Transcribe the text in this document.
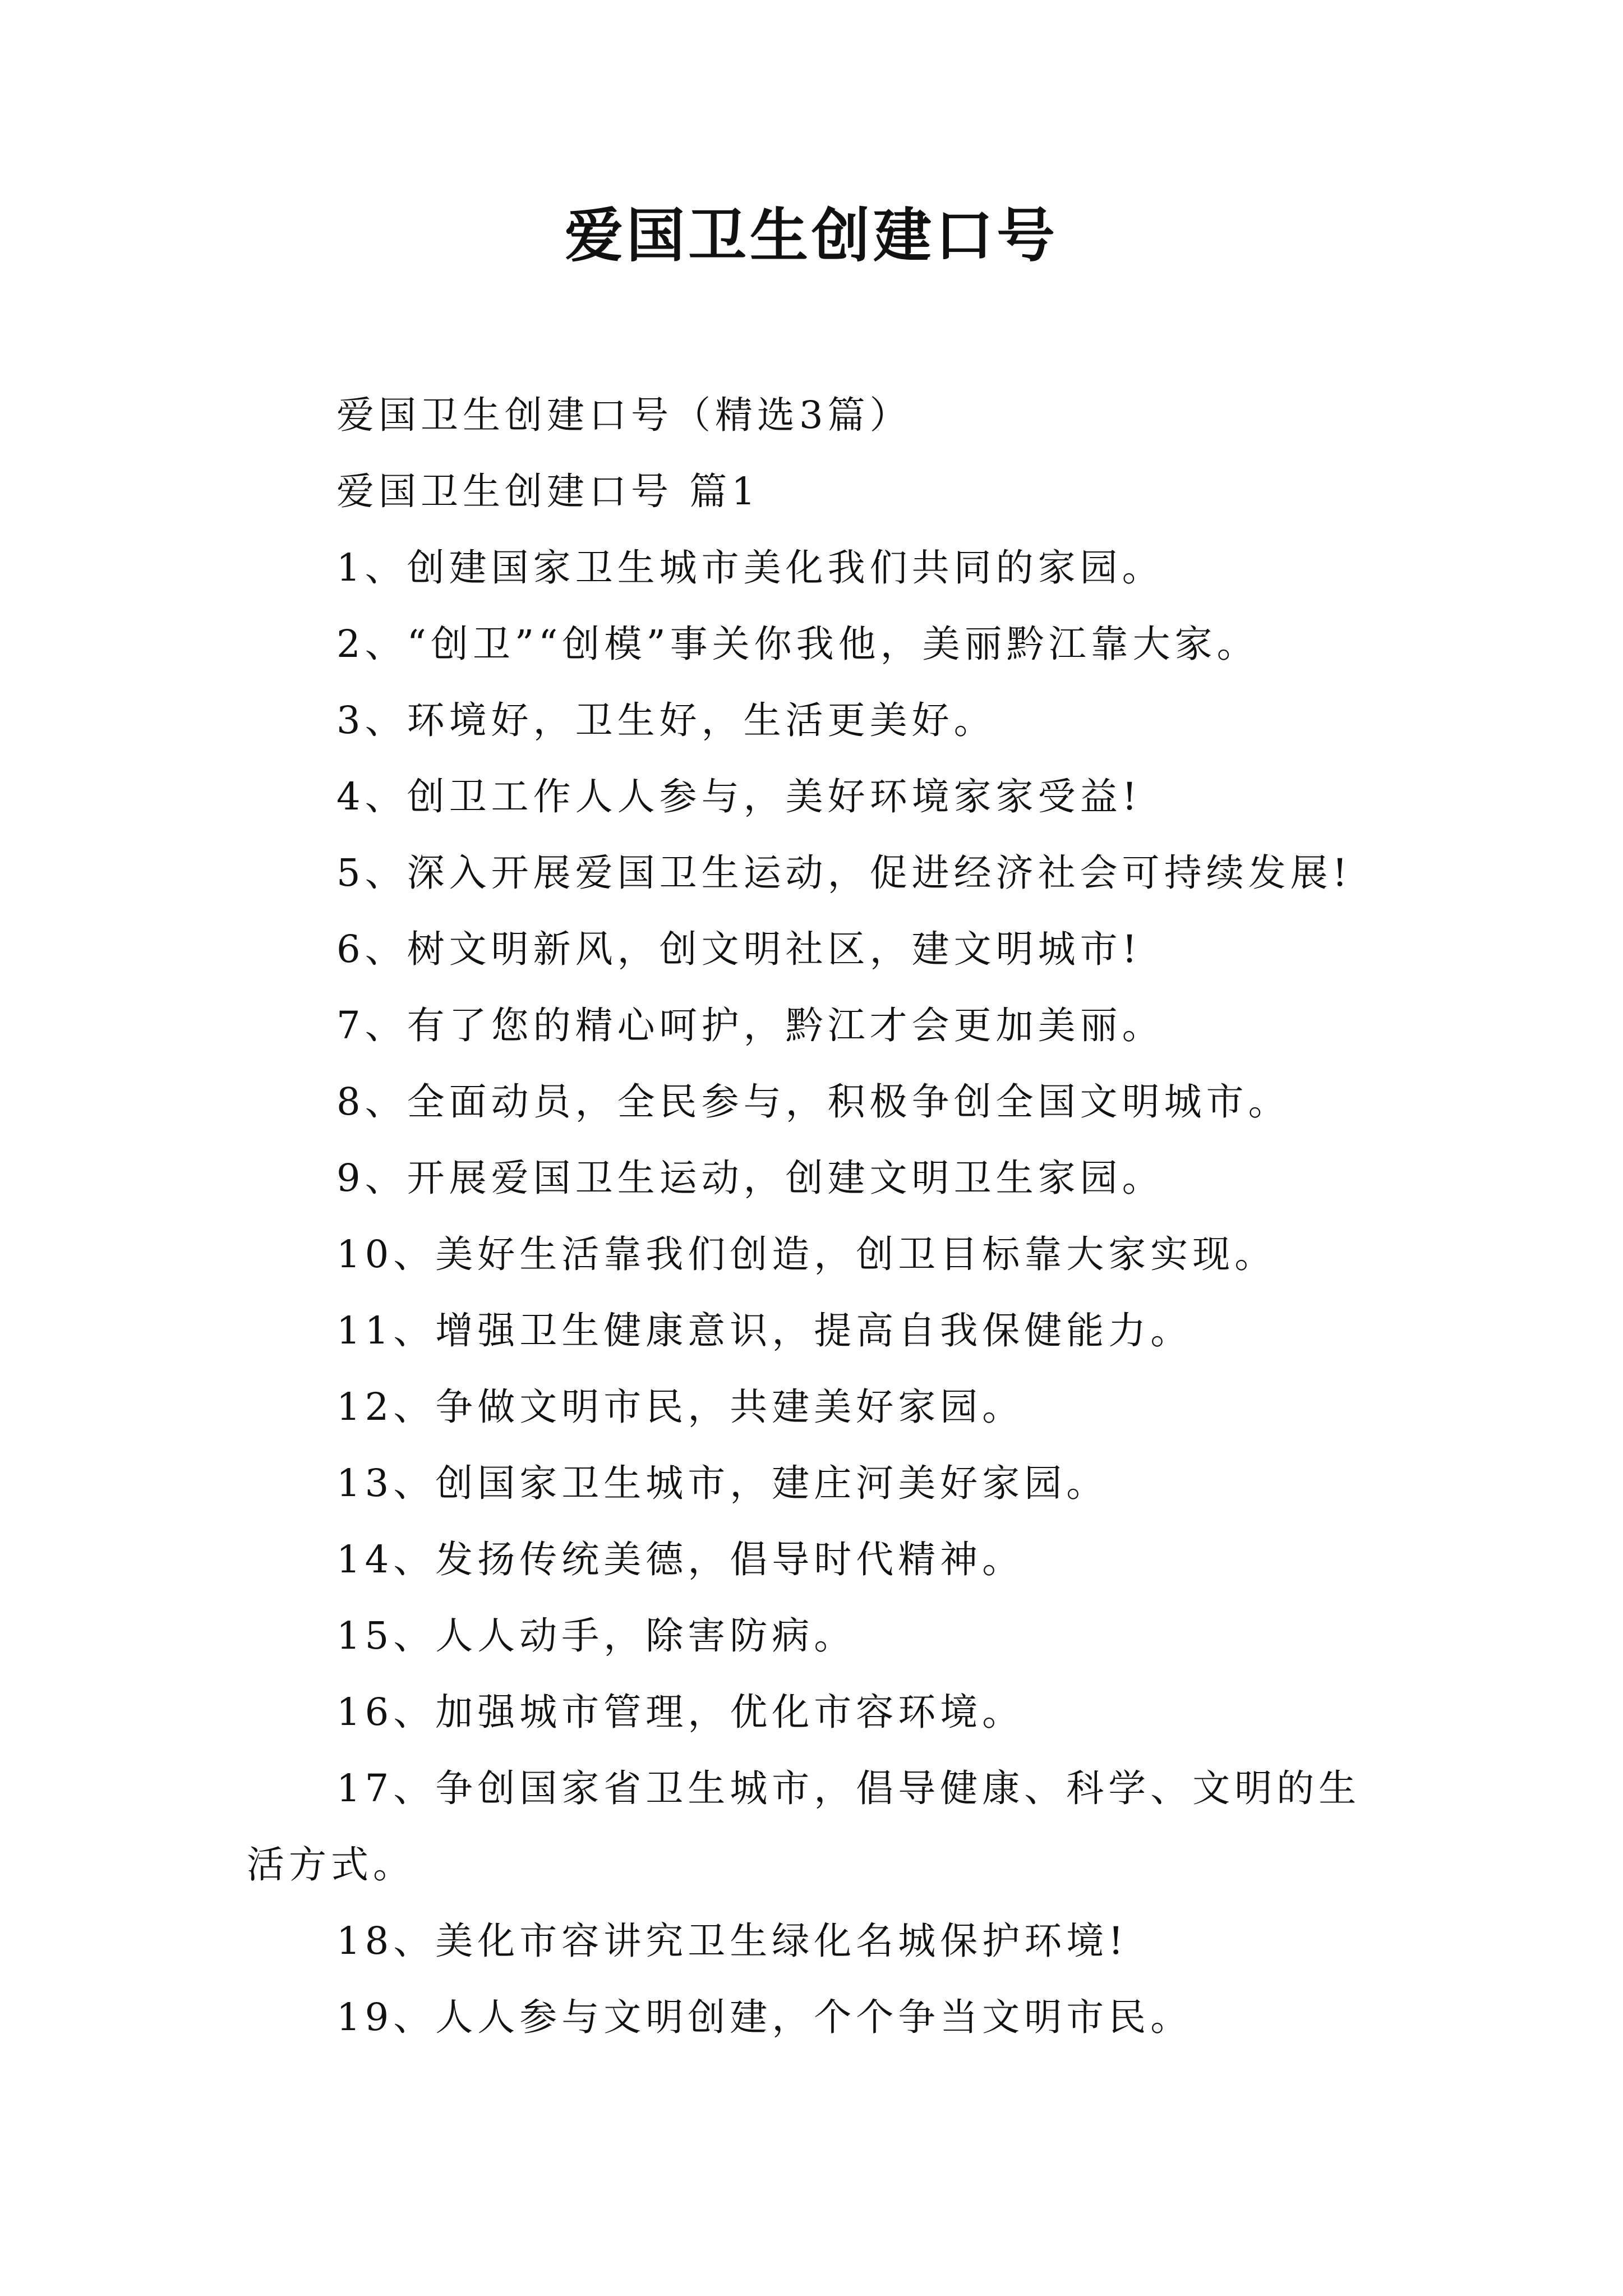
爱国卫生创建口号
爱国卫生创建口号（精选3篇）
爱国卫生创建口号 篇1
1、创建国家卫生城市美化我们共同的家园。
2、“创卫”“创模”事关你我他，美丽黔江靠大家。
3、环境好，卫生好，生活更美好。
4、创卫工作人人参与，美好环境家家受益!
5、深入开展爱国卫生运动，促进经济社会可持续发展!
6、树文明新风，创文明社区，建文明城市!
7、有了您的精心呵护，黔江才会更加美丽。
8、全面动员，全民参与，积极争创全国文明城市。
9、开展爱国卫生运动，创建文明卫生家园。
10、美好生活靠我们创造，创卫目标靠大家实现。
11、增强卫生健康意识，提高自我保健能力。
12、争做文明市民，共建美好家园。
13、创国家卫生城市，建庄河美好家园。
14、发扬传统美德，倡导时代精神。
15、人人动手，除害防病。
16、加强城市管理，优化市容环境。
17、争创国家省卫生城市，倡导健康、科学、文明的生活方式。
18、美化市容讲究卫生绿化名城保护环境!
19、人人参与文明创建，个个争当文明市民。
